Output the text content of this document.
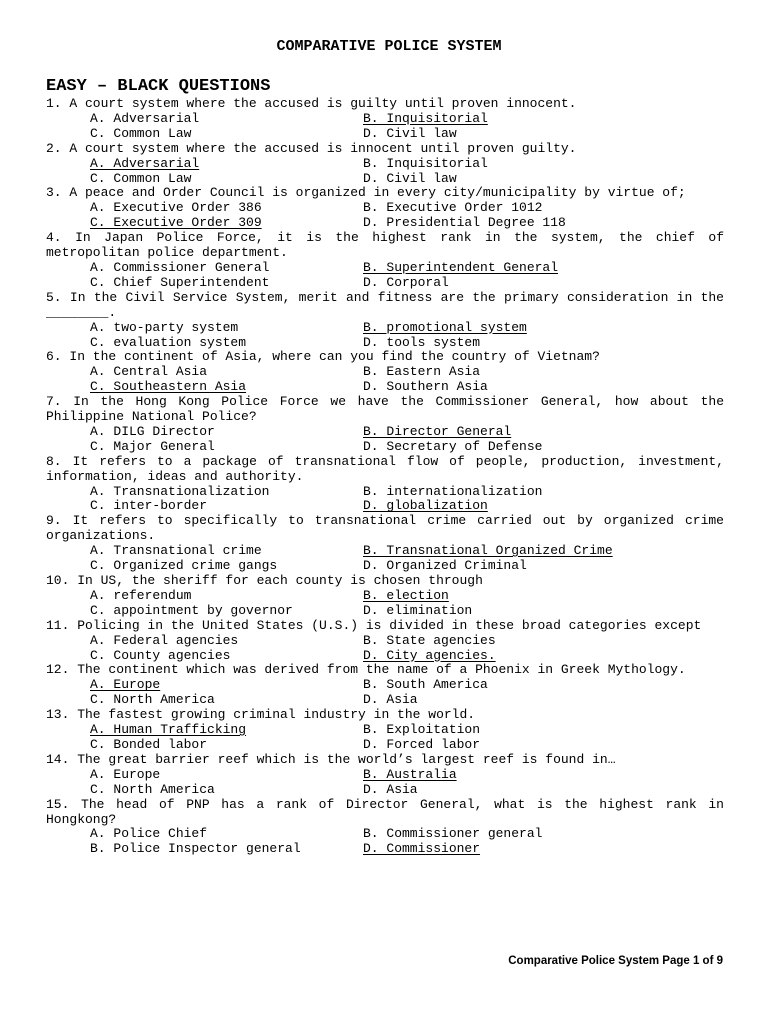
COMPARATIVE POLICE SYSTEM
EASY – BLACK QUESTIONS
1. A court system where the accused is guilty until proven innocent.
A. Adversarial	B. Inquisitorial
C. Common Law	D. Civil law
2. A court system where the accused is innocent until proven guilty.
A. Adversarial	B. Inquisitorial
C. Common Law	D. Civil law
3. A peace and Order Council is organized in every city/municipality by virtue of;
A. Executive Order 386	B. Executive Order 1012
C. Executive Order 309	D. Presidential Degree 118
4. In Japan Police Force, it is the highest rank in the system, the chief of metropolitan police department.
A. Commissioner General	B. Superintendent General
C. Chief Superintendent	D. Corporal
5. In the Civil Service System, merit and fitness are the primary consideration in the ________.
A. two-party system	B. promotional system
C. evaluation system	D. tools system
6. In the continent of Asia, where can you find the country of Vietnam?
A. Central Asia	B. Eastern Asia
C. Southeastern Asia	D. Southern Asia
7. In the Hong Kong Police Force we have the Commissioner General, how about the Philippine National Police?
A. DILG Director	B. Director General
C. Major General	D. Secretary of Defense
8. It refers to a package of transnational flow of people, production, investment, information, ideas and authority.
A. Transnationalization	B. internationalization
C. inter-border	D. globalization
9. It refers to specifically to transnational crime carried out by organized crime organizations.
A. Transnational crime	B. Transnational Organized Crime
C. Organized crime gangs	D. Organized Criminal
10. In US, the sheriff for each county is chosen through
A. referendum	B. election
C. appointment by governor	D. elimination
11. Policing in the United States (U.S.) is divided in these broad categories except
A. Federal agencies	B. State agencies
C. County agencies	D. City agencies.
12. The continent which was derived from the name of a Phoenix in Greek Mythology.
A. Europe	B. South America
C. North America	D. Asia
13. The fastest growing criminal industry in the world.
A. Human Trafficking	B. Exploitation
C. Bonded labor	D. Forced labor
14. The great barrier reef which is the world’s largest reef is found in…
A. Europe	B. Australia
C. North America	D. Asia
15. The head of PNP has a rank of Director General, what is the highest rank in Hongkong?
A. Police Chief	B. Commissioner general
B. Police Inspector general	D. Commissioner
Comparative Police System Page 1 of 9
